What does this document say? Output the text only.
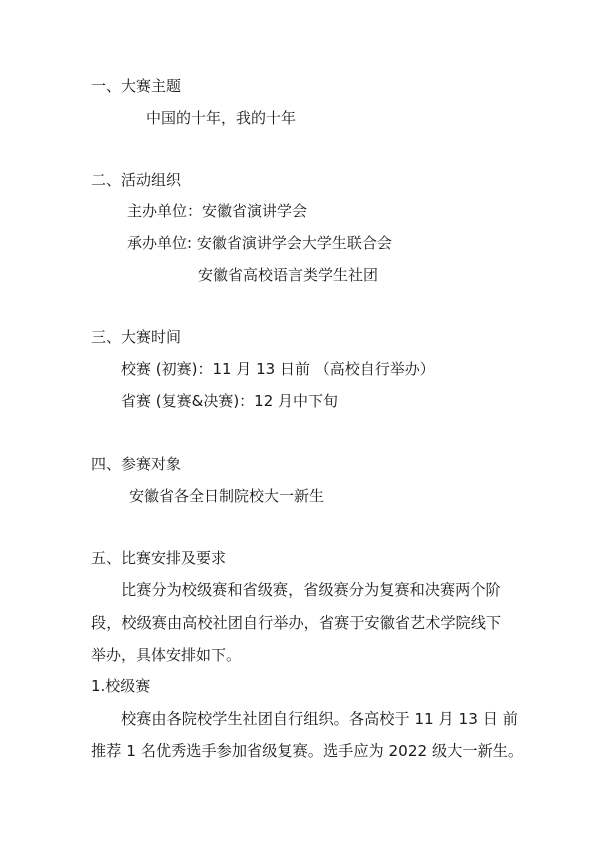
一、大赛主题
中国的十年，我的十年
二、活动组织
主办单位：安徽省演讲学会
承办单位: 安徽省演讲学会大学生联合会
安徽省高校语言类学生社团
三、大赛时间
校赛 (初赛)：11 月 13 日前 （高校自行举办）
省赛 (复赛&决赛)：12 月中下旬
四、参赛对象
安徽省各全日制院校大一新生
五、比赛安排及要求
比赛分为校级赛和省级赛，省级赛分为复赛和决赛两个阶
段，校级赛由高校社团自行举办，省赛于安徽省艺术学院线下
举办，具体安排如下。
1.校级赛
校赛由各院校学生社团自行组织。各高校于 11 月 13 日 前
推荐 1 名优秀选手参加省级复赛。选手应为 2022 级大一新生。
